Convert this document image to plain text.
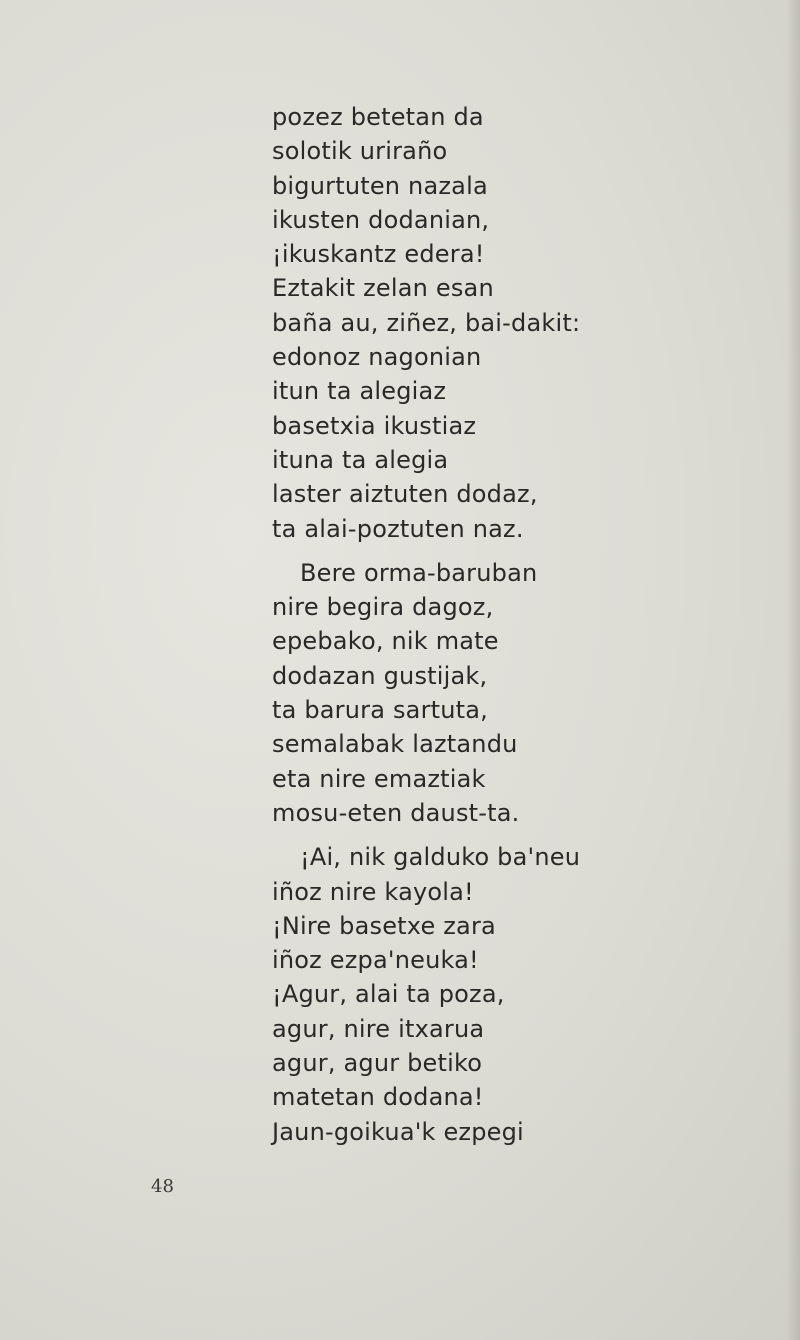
pozez betetan da
solotik uriraño
bigurtuten nazala
ikusten dodanian,
¡ikuskantz edera!
Eztakit zelan esan
baña au, ziñez, bai-dakit:
edonoz nagonian
itun ta alegiaz
basetxia ikustiaz
ituna ta alegia
laster aiztuten dodaz,
ta alai-poztuten naz.
Bere orma-baruban
nire begira dagoz,
epebako, nik mate
dodazan gustijak,
ta barura sartuta,
semalabak laztandu
eta nire emaztiak
mosu-eten daust-ta.
¡Ai, nik galduko ba'neu
iñoz nire kayola!
¡Nire basetxe zara
iñoz ezpa'neuka!
¡Agur, alai ta poza,
agur, nire itxarua
agur, agur betiko
matetan dodana!
Jaun-goikua'k ezpegi
48
